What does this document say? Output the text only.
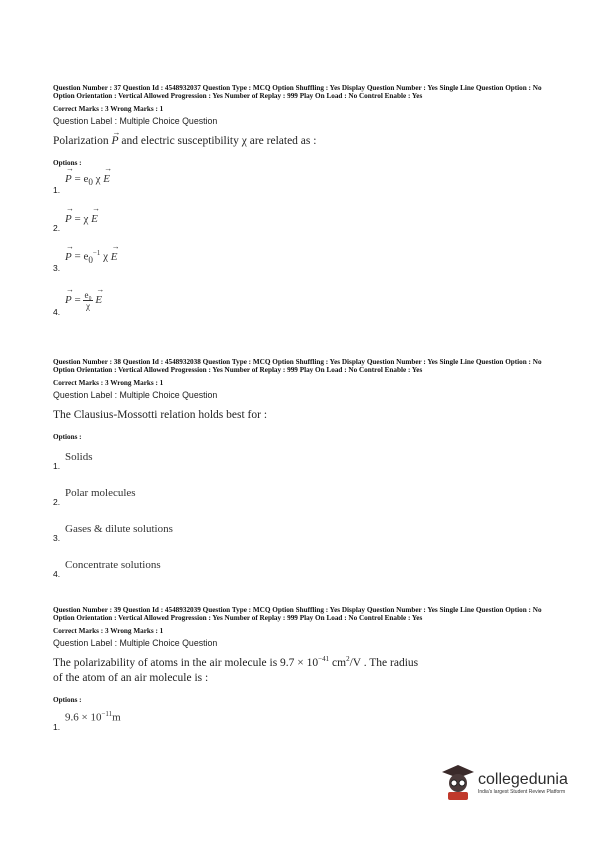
Question Number : 37 Question Id : 4548932037 Question Type : MCQ Option Shuffling : Yes Display Question Number : Yes Single Line Question Option : No Option Orientation : Vertical Allowed Progression : Yes Number of Replay : 999 Play On Load : No Control Enable : Yes
Correct Marks : 3 Wrong Marks : 1
Question Label : Multiple Choice Question
Polarization → P and electric susceptibility χ are related as :
Options :
1.
→ $P = e_0$ χ → E
2.
→ P = χ → E
3.
→ $P = e_0^{-1}$ χ → E
4.
→ $P = \frac{\text{e₀}}{\chi} \to E$
Question Number : 38 Question Id : 4548932038 Question Type : MCQ Option Shuffling : Yes Display Question Number : Yes Single Line Question Option : No Option Orientation : Vertical Allowed Progression : Yes Number of Replay : 999 Play On Load : No Control Enable : Yes
Correct Marks : 3 Wrong Marks : 1
Question Label : Multiple Choice Question
The Clausius-Mossotti relation holds best for :
Options :
1.
Solids
2.
Polar molecules
3.
Gases & dilute solutions
4.
Concentrate solutions
Question Number : 39 Question Id : 4548932039 Question Type : MCQ Option Shuffling : Yes Display Question Number : Yes Single Line Question Option : No Option Orientation : Vertical Allowed Progression : Yes Number of Replay : 999 Play On Load : No Control Enable : Yes
Correct Marks : 3 Wrong Marks : 1
Question Label : Multiple Choice Question
The polarizability of atoms in the air molecule is $9.7 \times 10^{-41}$ $cm^2/V$ . The radius
of the atom of an air molecule is :
Options :
1.
$9.6 \times 10^{-11}m$
collegedunia
India's largest Student Review Platform
